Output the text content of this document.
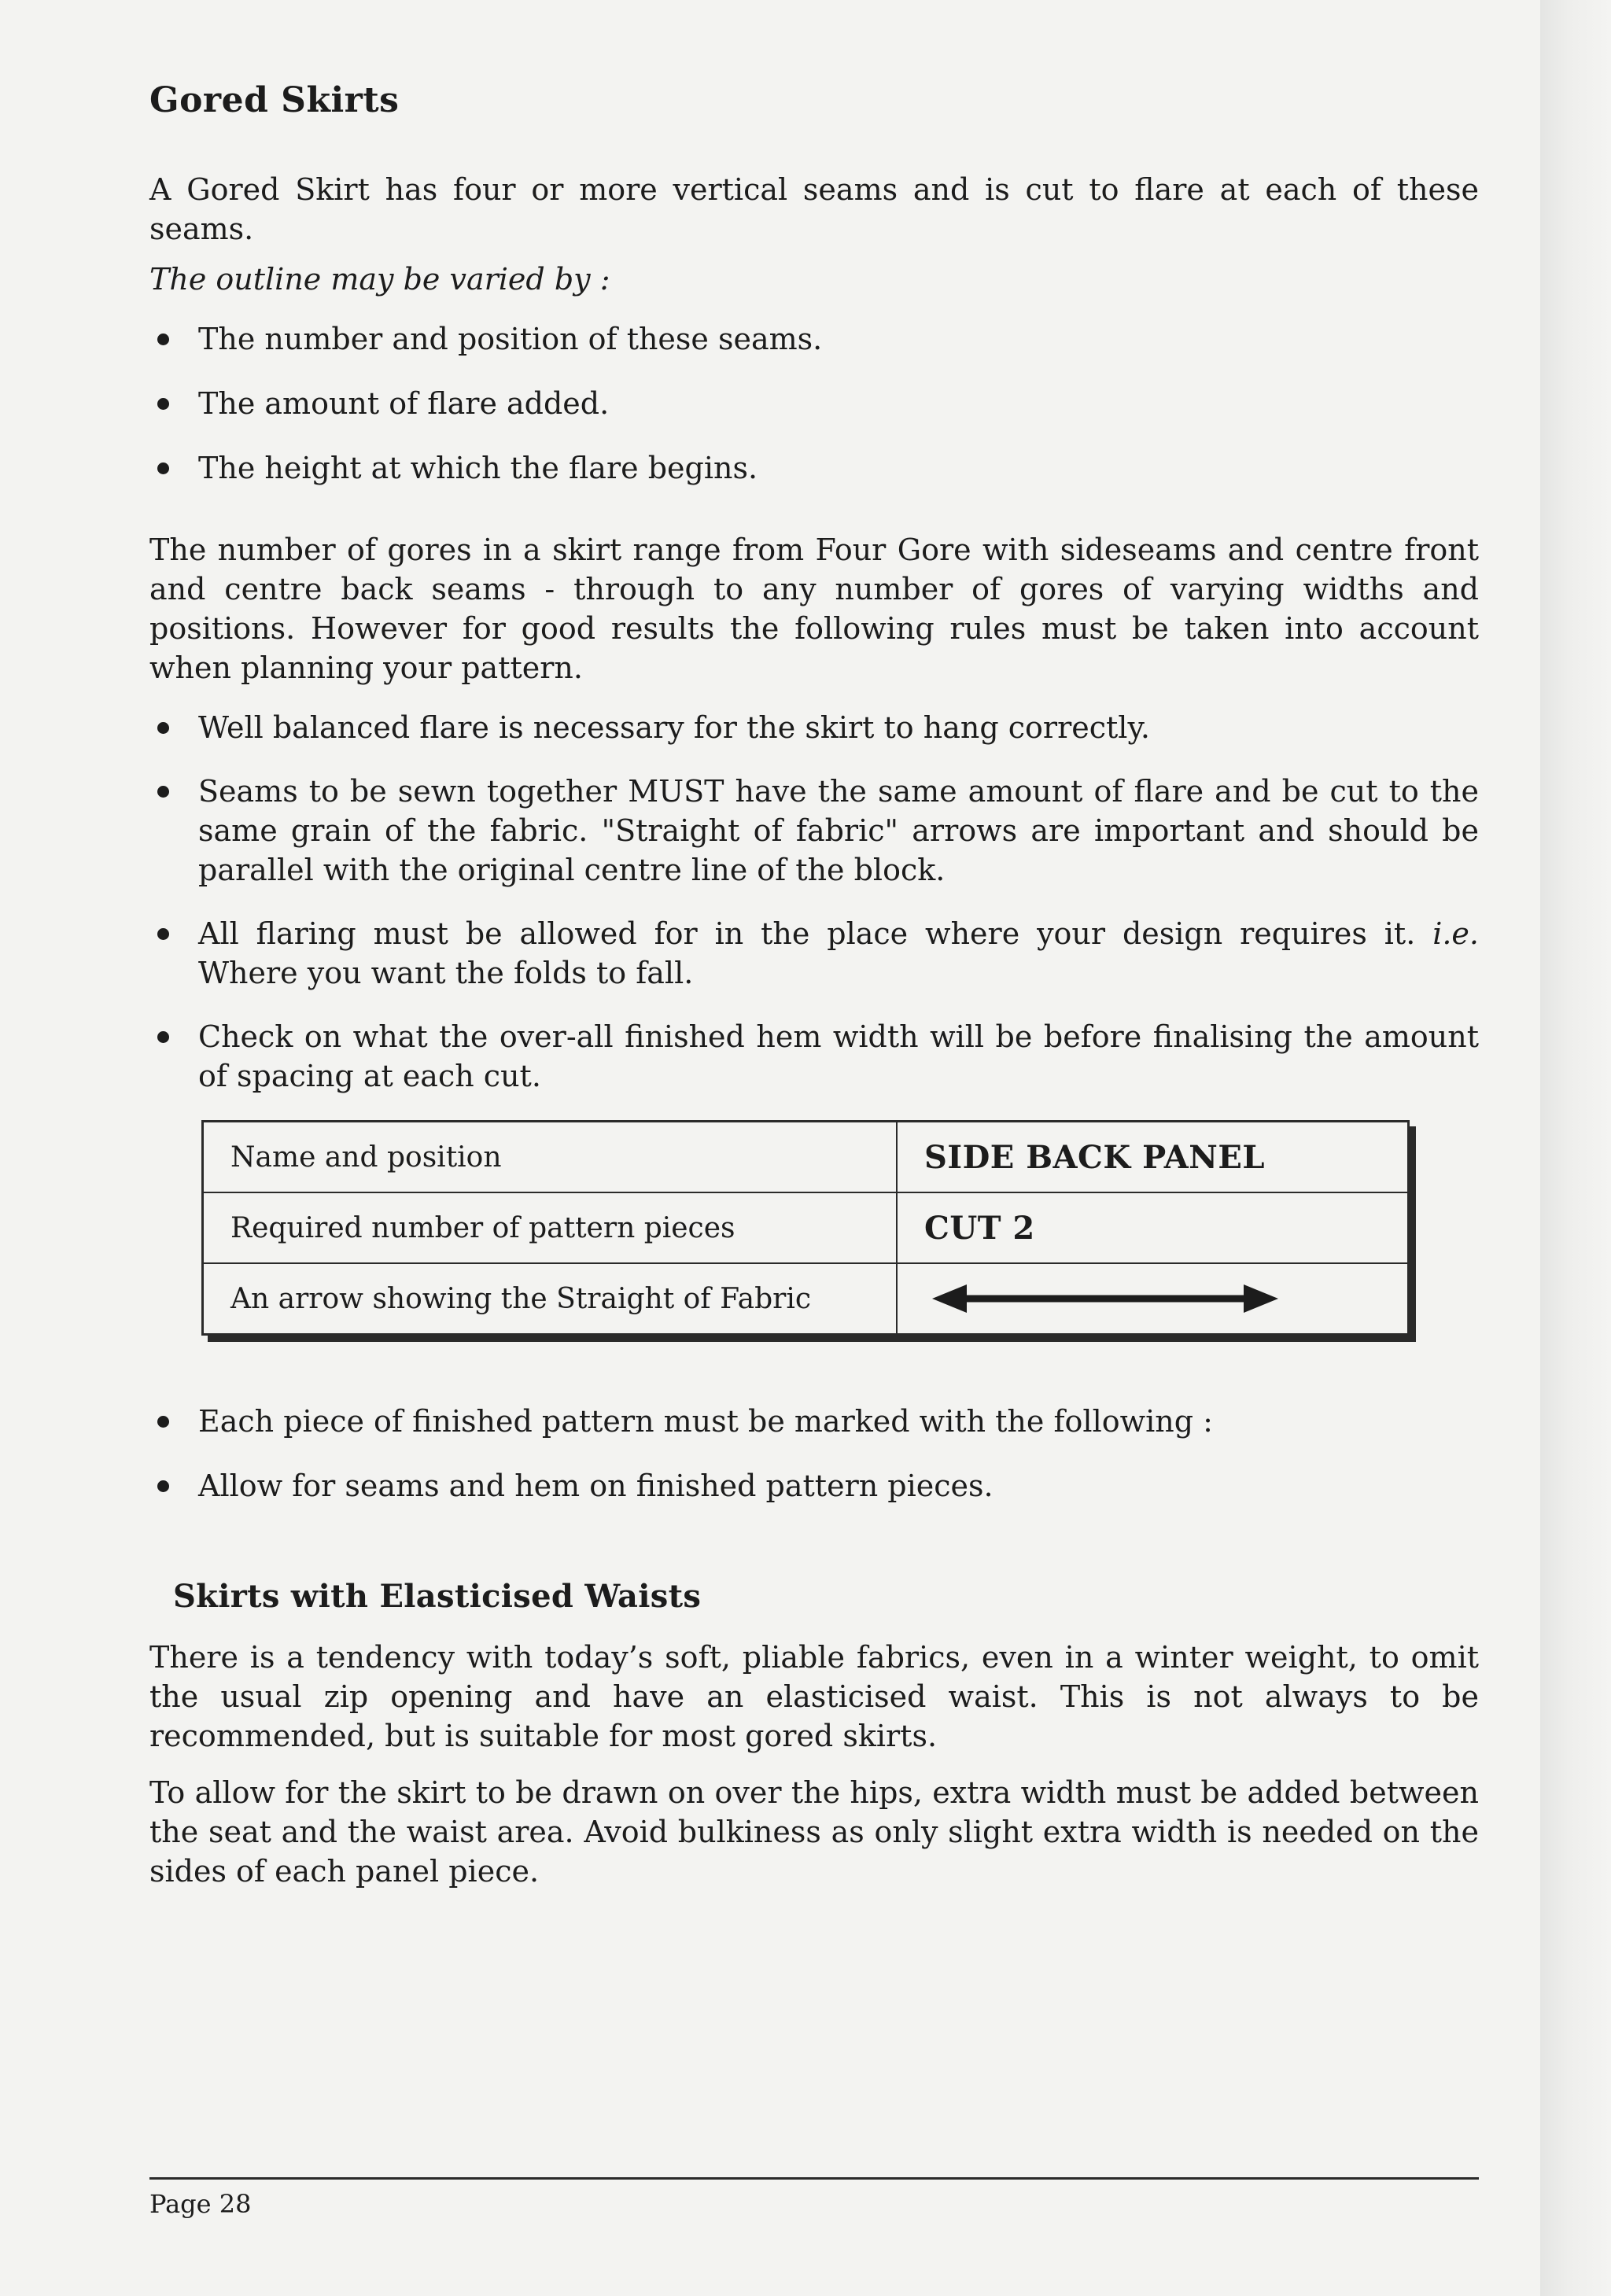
Gored Skirts

A Gored Skirt has four or more vertical seams and is cut to flare at each of these seams.

The outline may be varied by :

The number and position of these seams.
The amount of flare added.
The height at which the flare begins.

The number of gores in a skirt range from Four Gore with sideseams and centre front and centre back seams - through to any number of gores of varying widths and positions. However for good results the following rules must be taken into account when planning your pattern.

Well balanced flare is necessary for the skirt to hang correctly.
Seams to be sewn together MUST have the same amount of flare and be cut to the same grain of the fabric. "Straight of fabric" arrows are important and should be parallel with the original centre line of the block.
All flaring must be allowed for in the place where your design requires it. i.e. Where you want the folds to fall.
Check on what the over-all finished hem width will be before finalising the amount of spacing at each cut.
Name and position	SIDE BACK PANEL
Required number of pattern pieces	CUT 2
An arrow showing the Straight of Fabric	
Each piece of finished pattern must be marked with the following :
Allow for seams and hem on finished pattern pieces.
Skirts with Elasticised Waists

There is a tendency with today’s soft, pliable fabrics, even in a winter weight, to omit the usual zip opening and have an elasticised waist. This is not always to be recommended, but is suitable for most gored skirts.

To allow for the skirt to be drawn on over the hips, extra width must be added between the seat and the waist area. Avoid bulkiness as only slight extra width is needed on the sides of each panel piece.

Page 28
